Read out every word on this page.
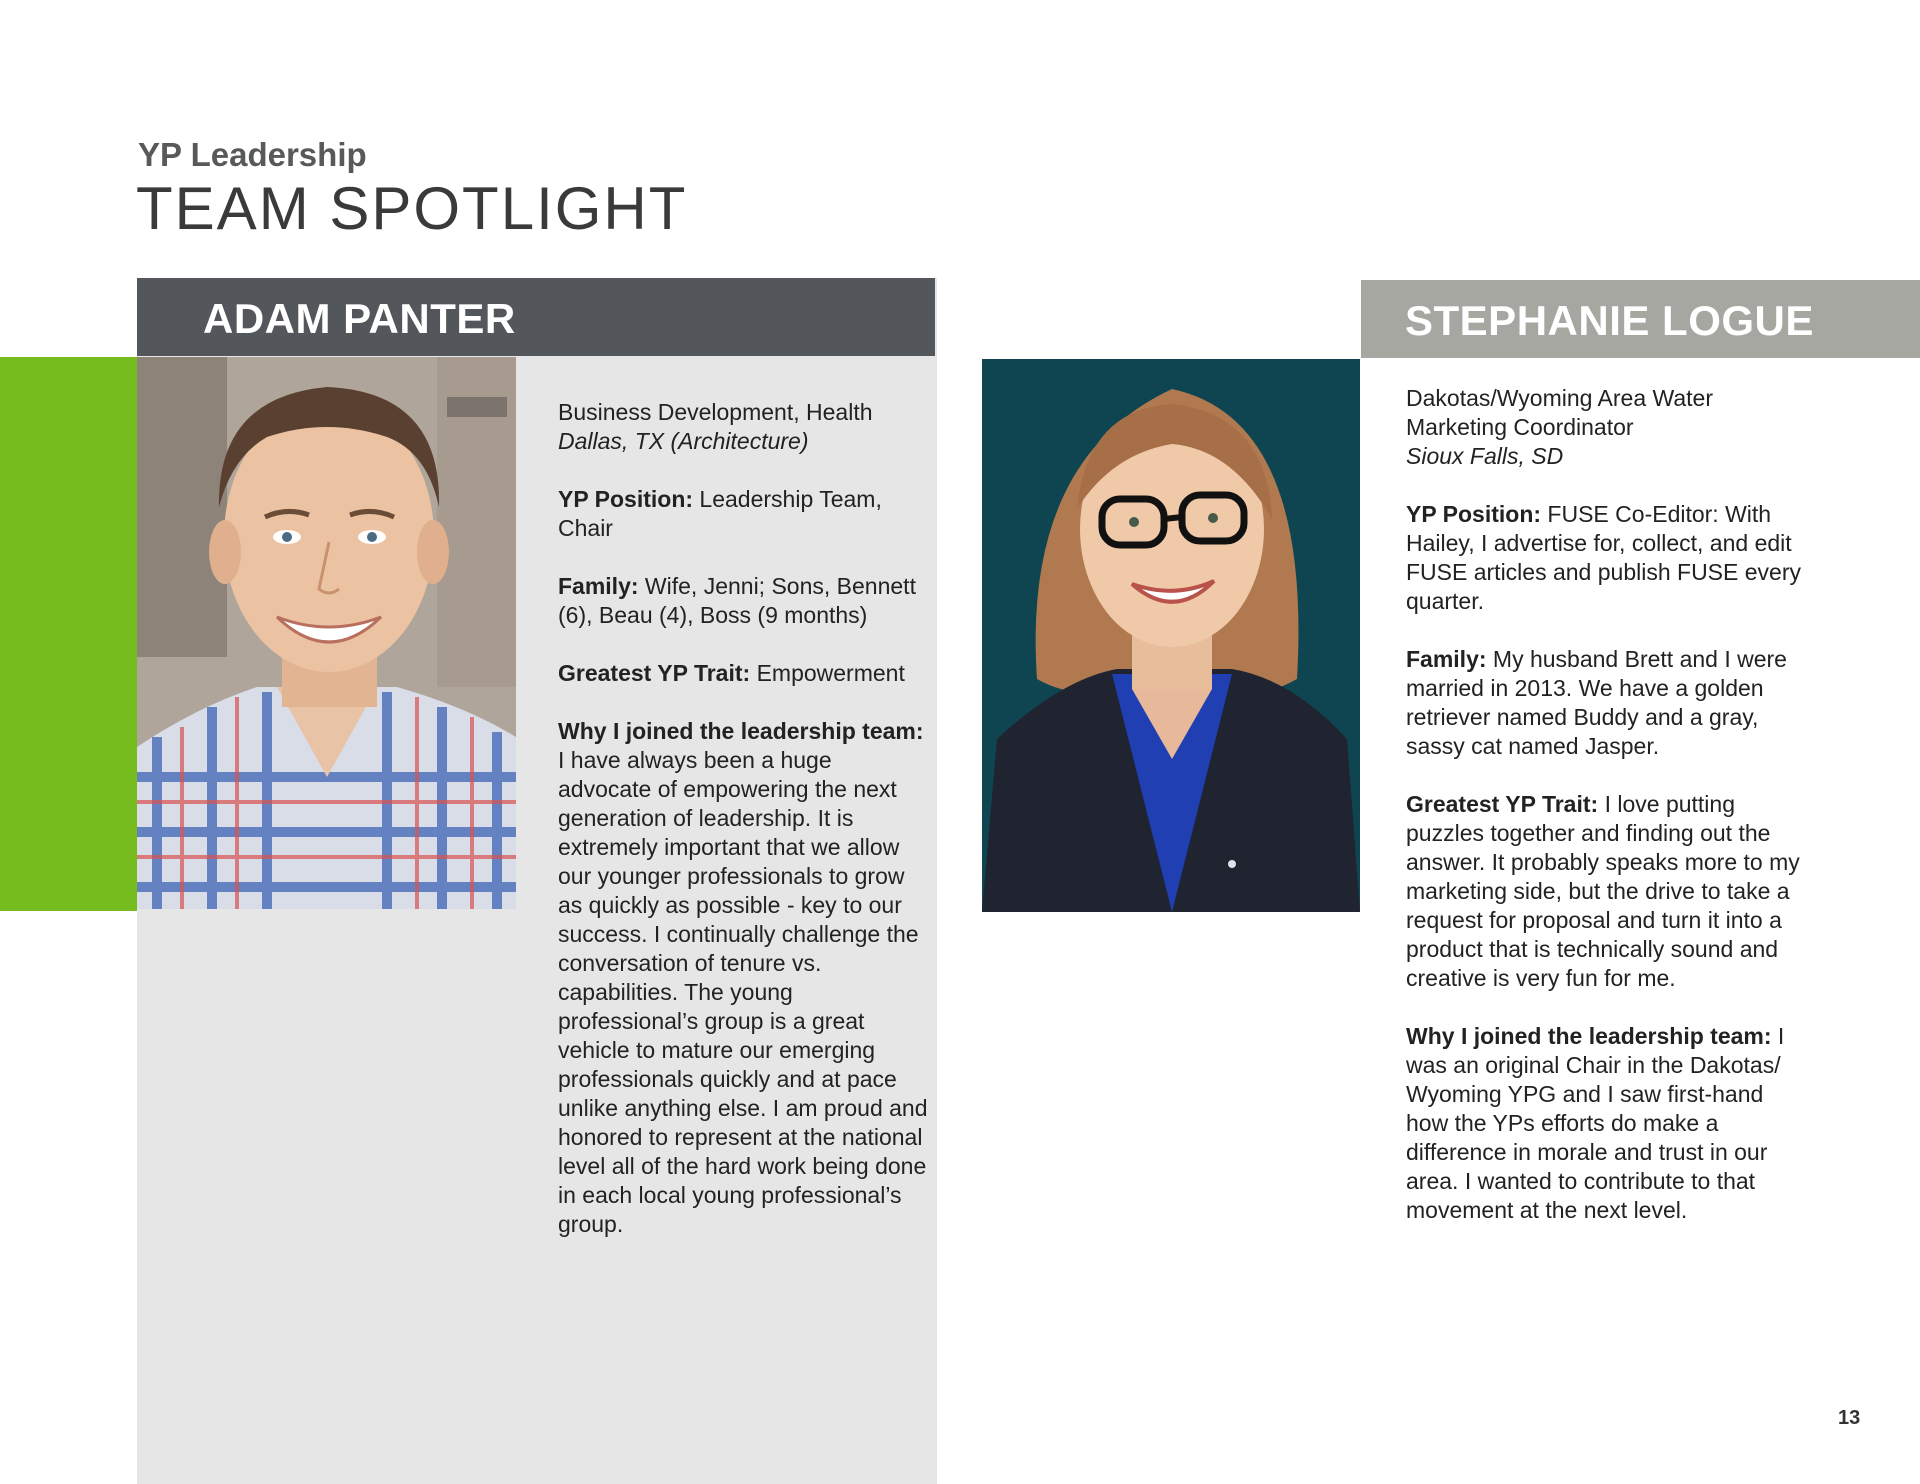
YP Leadership
TEAM SPOTLIGHT
ADAM PANTER

Business Development, Health
Dallas, TX (Architecture)

YP Position: Leadership Team, Chair

Family: Wife, Jenni; Sons, Bennett (6), Beau (4), Boss (9 months)

Greatest YP Trait: Empowerment

Why I joined the leadership team: I have always been a huge advocate of empowering the next generation of leadership. It is extremely important that we allow our younger professionals to grow as quickly as possible - key to our success. I continually challenge the conversation of tenure vs. capabilities. The young professional’s group is a great vehicle to mature our emerging professionals quickly and at pace unlike anything else. I am proud and honored to represent at the national level all of the hard work being done in each local young professional’s group.

STEPHANIE LOGUE

Dakotas/Wyoming Area Water
Marketing Coordinator
Sioux Falls, SD

YP Position: FUSE Co-Editor: With Hailey, I advertise for, collect, and edit FUSE articles and publish FUSE every quarter.

Family: My husband Brett and I were married in 2013. We have a golden retriever named Buddy and a gray, sassy cat named Jasper.

Greatest YP Trait: I love putting puzzles together and finding out the answer. It probably speaks more to my marketing side, but the drive to take a request for proposal and turn it into a product that is technically sound and creative is very fun for me.

Why I joined the leadership team: I was an original Chair in the Dakotas/ Wyoming YPG and I saw first-hand how the YPs efforts do make a difference in morale and trust in our area. I wanted to contribute to that movement at the next level.

13
